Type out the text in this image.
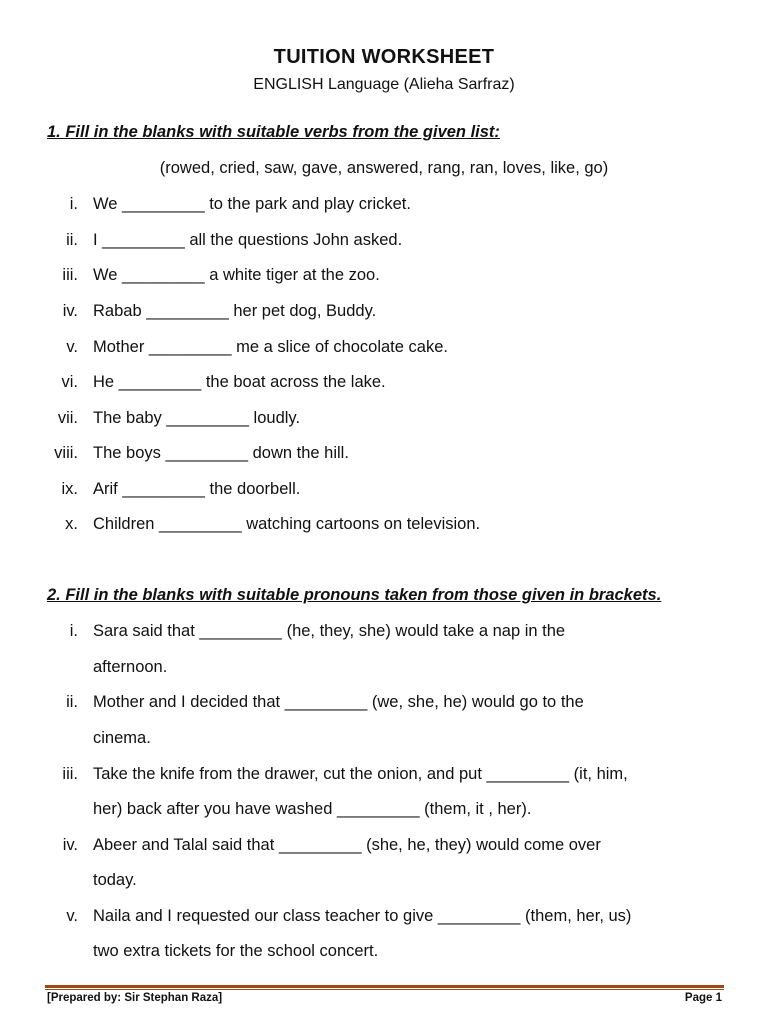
TUITION WORKSHEET
ENGLISH Language (Alieha Sarfraz)
1. Fill in the blanks with suitable verbs from the given list:
(rowed, cried, saw, gave, answered, rang, ran, loves, like, go)
i. We _________ to the park and play cricket.
ii. I _________ all the questions John asked.
iii. We _________ a white tiger at the zoo.
iv. Rabab _________ her pet dog, Buddy.
v. Mother _________ me a slice of chocolate cake.
vi. He _________ the boat across the lake.
vii. The baby _________ loudly.
viii. The boys _________ down the hill.
ix. Arif _________ the doorbell.
x. Children _________ watching cartoons on television.
2. Fill in the blanks with suitable pronouns taken from those given in brackets.
i. Sara said that _________ (he, they, she) would take a nap in the
afternoon.
ii. Mother and I decided that _________ (we, she, he) would go to the
cinema.
iii. Take the knife from the drawer, cut the onion, and put _________ (it, him,
her) back after you have washed _________ (them, it , her).
iv. Abeer and Talal said that _________ (she, he, they) would come over
today.
v. Naila and I requested our class teacher to give _________ (them, her, us)
two extra tickets for the school concert.
[Prepared by: Sir Stephan Raza]	Page 1
